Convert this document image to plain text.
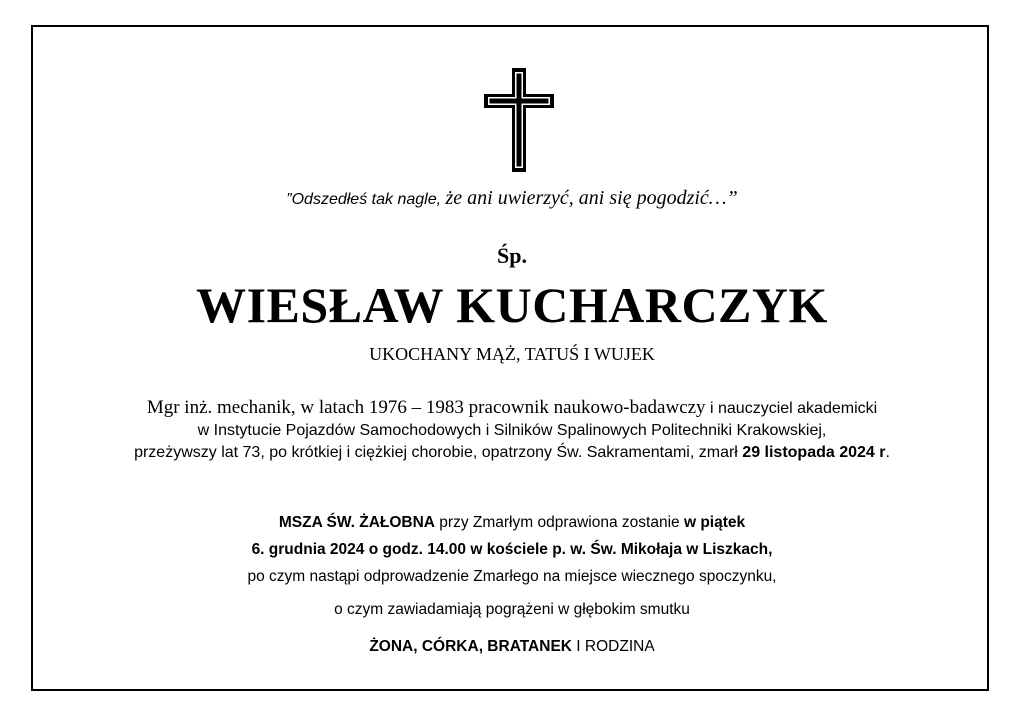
”Odszedłeś tak nagle, że ani uwierzyć, ani się pogodzić…”
Śp.
WIESŁAW KUCHARCZYK
UKOCHANY MĄŻ, TATUŚ I WUJEK
Mgr inż. mechanik, w latach 1976 – 1983 pracownik naukowo-badawczy i nauczyciel akademicki
w Instytucie Pojazdów Samochodowych i Silników Spalinowych Politechniki Krakowskiej,
przeżywszy lat 73, po krótkiej i ciężkiej chorobie, opatrzony Św. Sakramentami, zmarł 29 listopada 2024 r.
MSZA ŚW. ŻAŁOBNA przy Zmarłym odprawiona zostanie w piątek
6. grudnia 2024 o godz. 14.00 w kościele p. w. Św. Mikołaja w Liszkach,
po czym nastąpi odprowadzenie Zmarłego na miejsce wiecznego spoczynku,
o czym zawiadamiają pogrążeni w głębokim smutku
ŻONA, CÓRKA, BRATANEK I RODZINA
